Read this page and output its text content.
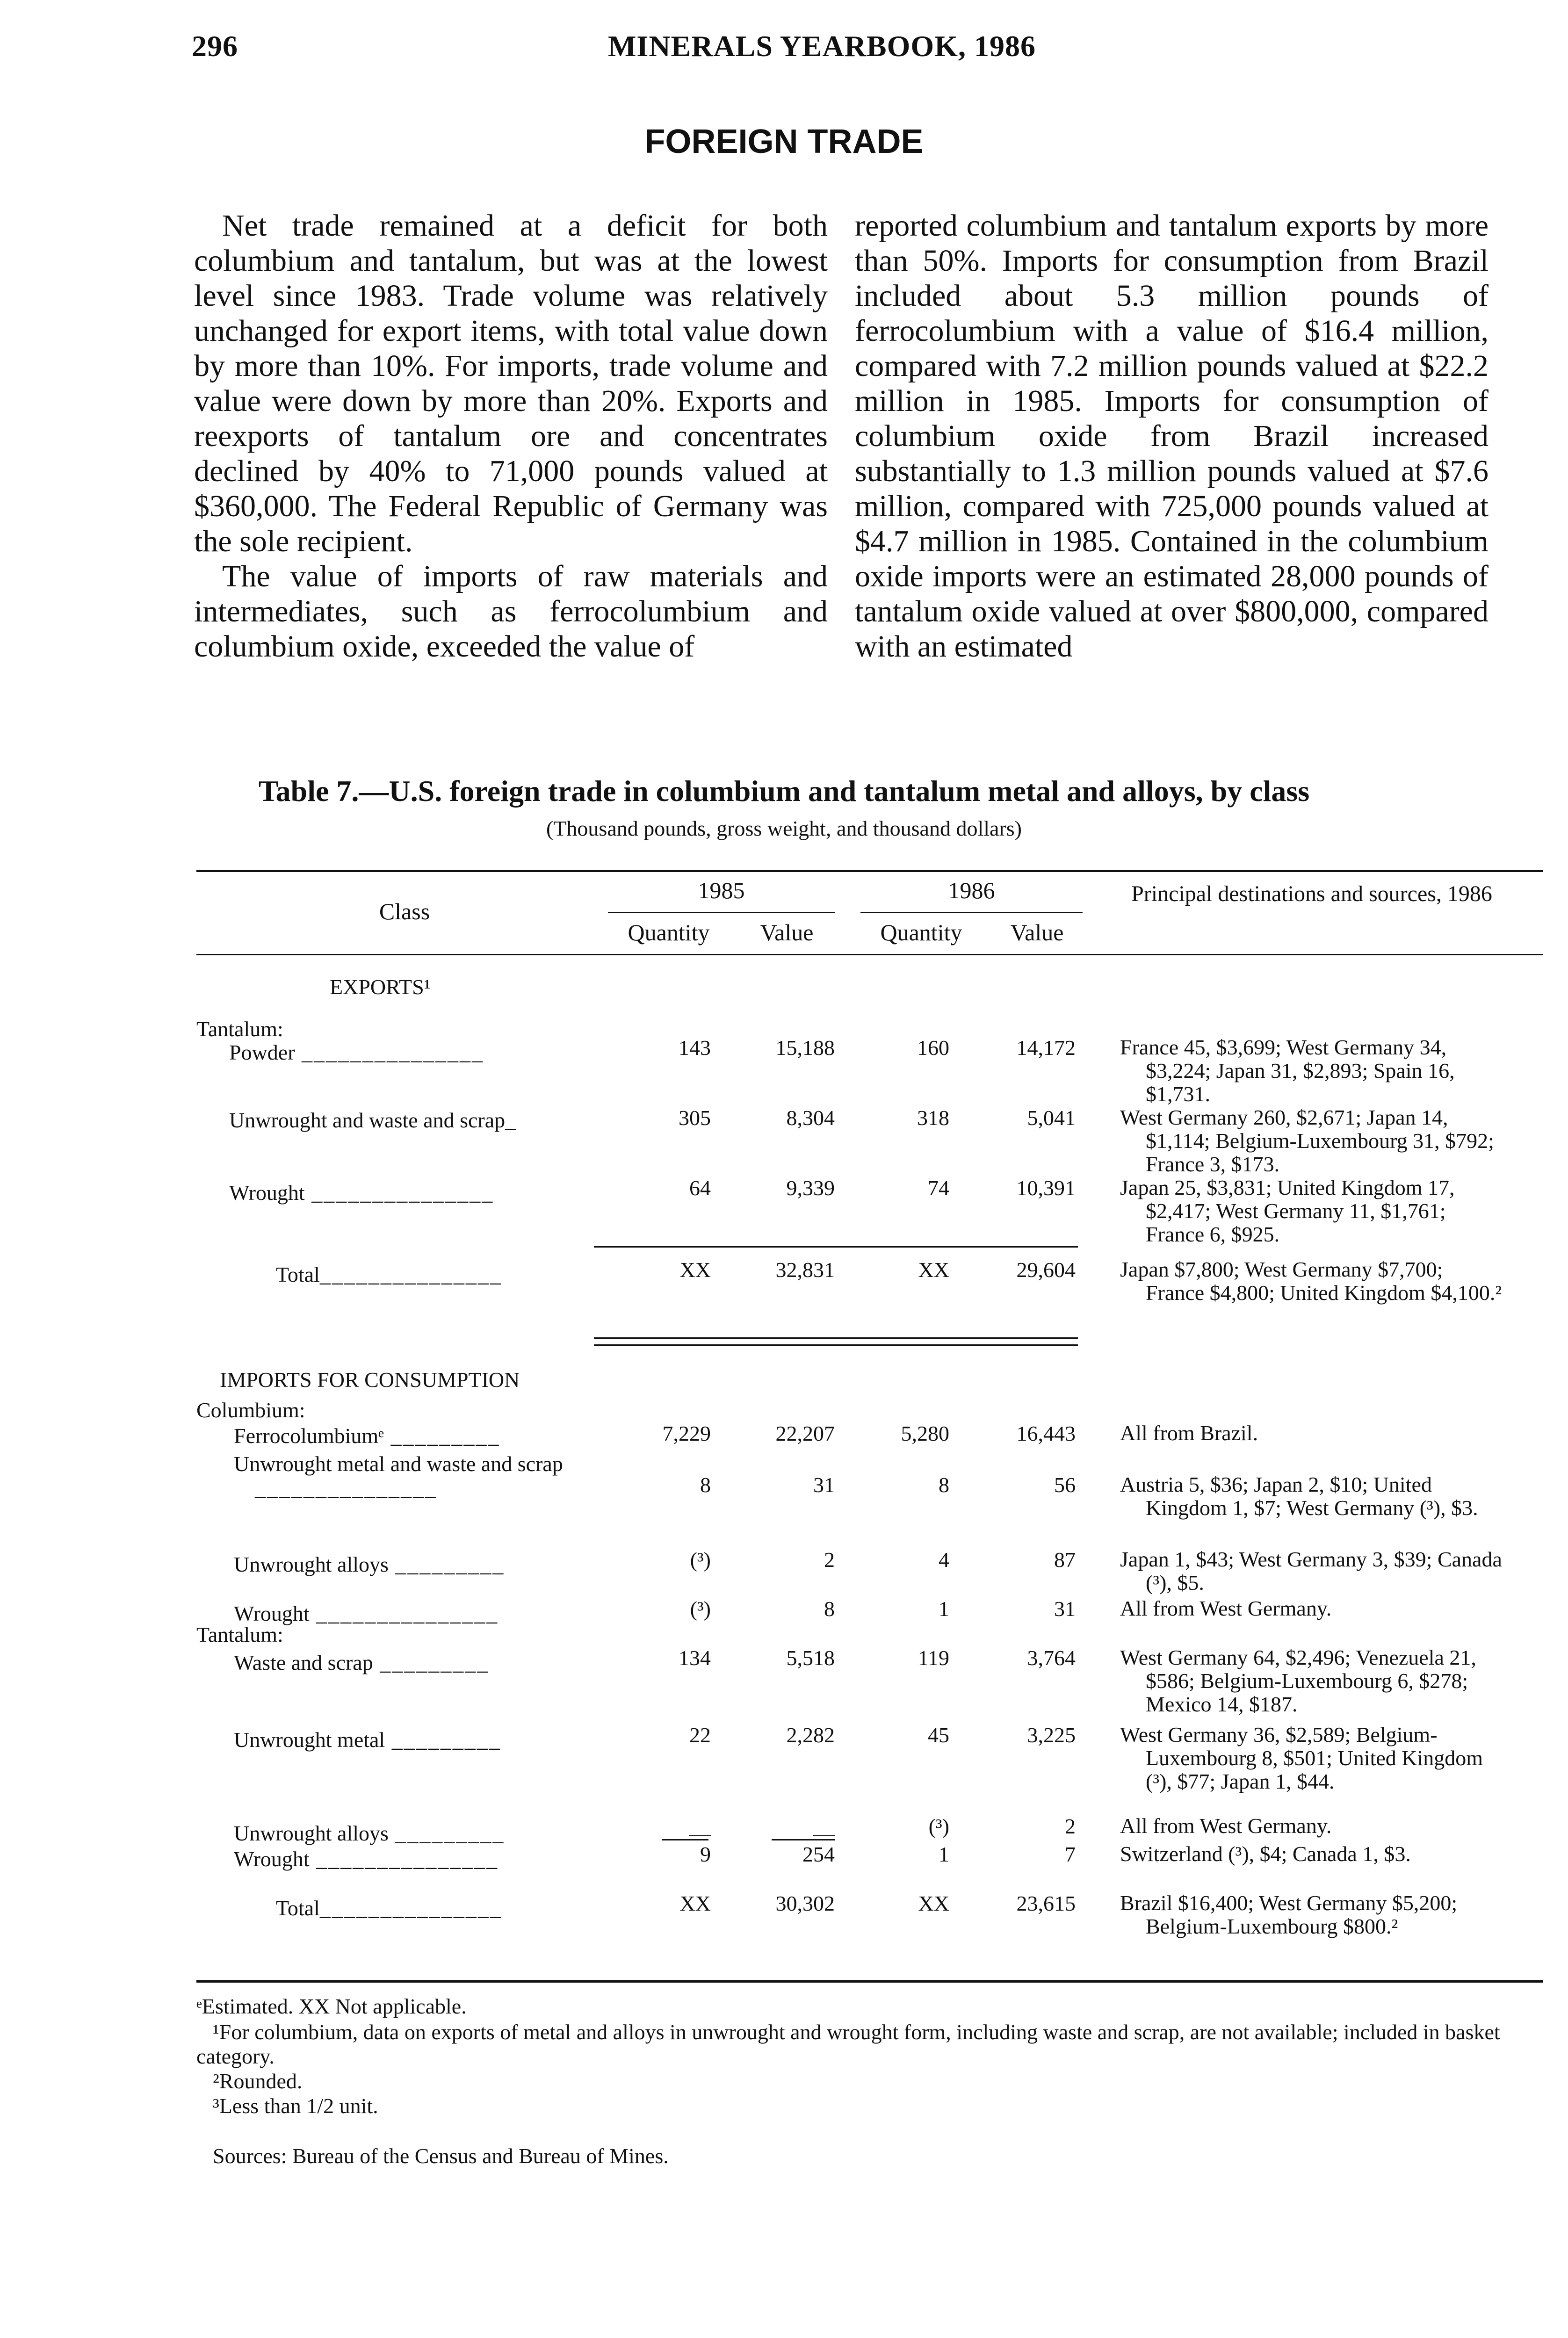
296	MINERALS YEARBOOK, 1986
FOREIGN TRADE

Net trade remained at a deficit for both columbium and tantalum, but was at the lowest level since 1983. Trade volume was relatively unchanged for export items, with total value down by more than 10%. For imports, trade volume and value were down by more than 20%. Exports and reexports of tantalum ore and concentrates declined by 40% to 71,000 pounds valued at $360,000. The Federal Republic of Germany was the sole recipient.

The value of imports of raw materials and intermediates, such as ferrocolumbium and columbium oxide, exceeded the value of

reported columbium and tantalum exports by more than 50%. Imports for consumption from Brazil included about 5.3 million pounds of ferrocolumbium with a value of $16.4 million, compared with 7.2 million pounds valued at $22.2 million in 1985. Imports for consumption of columbium oxide from Brazil increased substantially to 1.3 million pounds valued at $7.6 million, compared with 725,000 pounds valued at $4.7 million in 1985. Contained in the columbium oxide imports were an estimated 28,000 pounds of tantalum oxide valued at over $800,000, compared with an estimated

Table 7.—U.S. foreign trade in columbium and tantalum metal and alloys, by class
(Thousand pounds, gross weight, and thousand dollars)
Class
1985	1986
Quantity	Value	Quantity	Value
Principal destinations and sources, 1986
EXPORTS¹
Tantalum:
Powder _______________	143	15,188	160	14,172 France 45, $3,699; West Germany 34, $3,224; Japan 31, $2,893; Spain 16, $1,731.
Unwrought and waste and scrap_	305	8,304	318	5,041 West Germany 260, $2,671; Japan 14, $1,114; Belgium-Luxembourg 31, $792; France 3, $173.
Wrought _______________	64	9,339	74	10,391 Japan 25, $3,831; United Kingdom 17, $2,417; West Germany 11, $1,761; France 6, $925.
Total_______________	XX	32,831	XX	29,604 Japan $7,800; West Germany $7,700; France $4,800; United Kingdom $4,100.²
IMPORTS FOR CONSUMPTION
Columbium:
Ferrocolumbiumᵉ _________	7,229	22,207	5,280	16,443 All from Brazil.
Unwrought metal and waste and scrap _______________	8	31	8	56 Austria 5, $36; Japan 2, $10; United Kingdom 1, $7; West Germany (³), $3.
Unwrought alloys _________	(³)	2	4	87 Japan 1, $43; West Germany 3, $39; Canada (³), $5.
Wrought _______________	(³)	8	1	31 All from West Germany.
Tantalum:
Waste and scrap _________	134	5,518	119	3,764 West Germany 64, $2,496; Venezuela 21, $586; Belgium-Luxembourg 6, $278; Mexico 14, $187.
Unwrought metal _________	22	2,282	45	3,225 West Germany 36, $2,589; Belgium-Luxembourg 8, $501; United Kingdom (³), $77; Japan 1, $44.
Unwrought alloys _________	__	__	(³)	2 All from West Germany.
Wrought _______________	9	254	1	7 Switzerland (³), $4; Canada 1, $3.
Total_______________	XX	30,302	XX	23,615 Brazil $16,400; West Germany $5,200; Belgium-Luxembourg $800.²
ᵉEstimated. XX Not applicable.
¹For columbium, data on exports of metal and alloys in unwrought and wrought form, including waste and scrap, are not available; included in basket category.
²Rounded.
³Less than 1/2 unit.
Sources: Bureau of the Census and Bureau of Mines.
